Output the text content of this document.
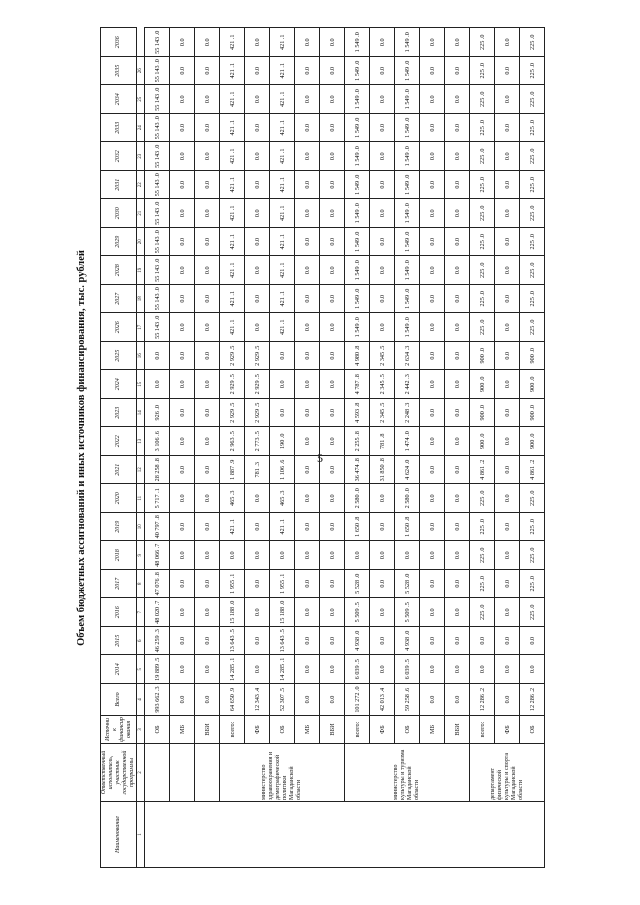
5
Объем бюджетных ассигнований и иных источников финансирования, тыс. рублей
Наименование	Ответственный исполнитель, участник государственной программы	Источник финансирования	Всего	2014	2015	2016	2017	2018	2019	2020	2021	2022	2023	2024	2025	2026	2027	2028	2029	2030	2031	2032	2033	2034	2035	2036
1	2	3	4	5	6	7	8	9	10	11	12	13	14	15	16	17	18	19	20	21	22	23	24	25	26	
		ОБ	993 662 .3	19 889 .5	46 259 .3	48 020 .7	47 076 .8	48 066 .7	40 797 .8	5 717 .1	28 258 .8	3 106 .6	926 .0	0.0	0.0	55 143 .0	55 143 .0	55 143 .0	55 143 .0	55 143 .0	55 143 .0	55 143 .0	55 143 .0	55 143 .0	55 143 .0	55 143 .0
		МБ	0.0	0.0	0.0	0.0	0.0	0.0	0.0	0.0	0.0	0.0	0.0	0.0	0.0	0.0	0.0	0.0	0.0	0.0	0.0	0.0	0.0	0.0	0.0	0.0
		ВБИ	0.0	0.0	0.0	0.0	0.0	0.0	0.0	0.0	0.0	0.0	0.0	0.0	0.0	0.0	0.0	0.0	0.0	0.0	0.0	0.0	0.0	0.0	0.0	0.0
	министерство здравоохранения и демографической политики Магаданской области	всего:	64 650 .9	14 285 .1	13 643 .5	15 188 .0	1 955 .1	0.0	421 .1	465 .3	1 887 .9	2 963 .5	2 929 .5	2 929 .5	2 929 .5	421 .1	421 .1	421 .1	421 .1	421 .1	421 .1	421 .1	421 .1	421 .1	421 .1	421 .1
		ФБ	12 343 .4	0.0	0.0	0.0	0.0	0.0	0.0	0.0	781 .3	2 773 .5	2 929 .5	2 929 .5	2 929 .5	0.0	0.0	0.0	0.0	0.0	0.0	0.0	0.0	0.0	0.0	0.0
		ОБ	52 307 .5	14 285 .1	13 643 .5	15 188 .0	1 955 .1	0.0	421 .1	465 .3	1 106 .6	190 .0	0.0	0.0	0.0	421 .1	421 .1	421 .1	421 .1	421 .1	421 .1	421 .1	421 .1	421 .1	421 .1	421 .1
		МБ	0.0	0.0	0.0	0.0	0.0	0.0	0.0	0.0	0.0	0.0	0.0	0.0	0.0	0.0	0.0	0.0	0.0	0.0	0.0	0.0	0.0	0.0	0.0	0.0
		ВБИ	0.0	0.0	0.0	0.0	0.0	0.0	0.0	0.0	0.0	0.0	0.0	0.0	0.0	0.0	0.0	0.0	0.0	0.0	0.0	0.0	0.0	0.0	0.0	0.0
	министерство культуры и туризма Магаданской области	всего:	101 272 .0	6 039 .5	4 938 .0	5 509 .5	5 528 .0	0.0	1 650 .8	2 580 .0	36 474 .8	2 255 .8	4 593 .8	4 787 .8	4 980 .8	1 549 .0	1 549 .0	1 549 .0	1 549 .0	1 549 .0	1 549 .0	1 549 .0	1 549 .0	1 549 .0	1 549 .0	1 549 .0
		ФБ	42 013 .4	0.0	0.0	0.0	0.0	0.0	0.0	0.0	31 850 .8	781 .8	2 345 .5	2 345 .5	2 345 .5	0.0	0.0	0.0	0.0	0.0	0.0	0.0	0.0	0.0	0.0	0.0
		ОБ	59 258 .6	6 039 .5	4 938 .0	5 509 .5	5 528 .0	0.0	1 650 .8	2 580 .0	4 624 .0	1 474 .0	2 248 .3	2 442 .3	2 634 .3	1 549 .0	1 549 .0	1 549 .0	1 549 .0	1 549 .0	1 549 .0	1 549 .0	1 549 .0	1 549 .0	1 549 .0	1 549 .0
		МБ	0.0	0.0	0.0	0.0	0.0	0.0	0.0	0.0	0.0	0.0	0.0	0.0	0.0	0.0	0.0	0.0	0.0	0.0	0.0	0.0	0.0	0.0	0.0	0.0
		ВБИ	0.0	0.0	0.0	0.0	0.0	0.0	0.0	0.0	0.0	0.0	0.0	0.0	0.0	0.0	0.0	0.0	0.0	0.0	0.0	0.0	0.0	0.0	0.0	0.0
	департамент физической культуры и спорта Магаданской области	всего:	12 286 .2	0.0	0.0	225 .0	225 .0	225 .0	225 .0	225 .0	4 861 .2	900 .0	900 .0	900 .0	900 .0	225 .0	225 .0	225 .0	225 .0	225 .0	225 .0	225 .0	225 .0	225 .0	225 .0	225 .0
		ФБ	0.0	0.0	0.0	0.0	0.0	0.0	0.0	0.0	0.0	0.0	0.0	0.0	0.0	0.0	0.0	0.0	0.0	0.0	0.0	0.0	0.0	0.0	0.0	0.0
		ОБ	12 286 .2	0.0	0.0	225 .0	225 .0	225 .0	225 .0	225 .0	4 861 .2	900 .0	900 .0	900 .0	900 .0	225 .0	225 .0	225 .0	225 .0	225 .0	225 .0	225 .0	225 .0	225 .0	225 .0	225 .0
